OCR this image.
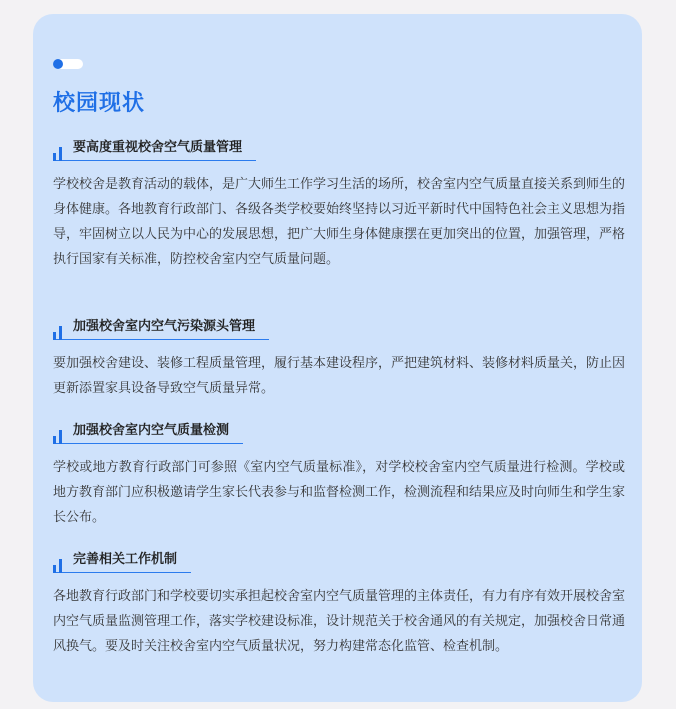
校园现状
要高度重视校舍空气质量管理

学校校舍是教育活动的载体，是广大师生工作学习生活的场所，校舍室内空气质量直接关系到师生的身体健康。各地教育行政部门、各级各类学校要始终坚持以习近平新时代中国特色社会主义思想为指导，牢固树立以人民为中心的发展思想，把广大师生身体健康摆在更加突出的位置，加强管理，严格执行国家有关标准，防控校舍室内空气质量问题。

加强校舍室内空气污染源头管理

要加强校舍建设、装修工程质量管理，履行基本建设程序，严把建筑材料、装修材料质量关，防止因更新添置家具设备导致空气质量异常。

加强校舍室内空气质量检测

学校或地方教育行政部门可参照《室内空气质量标准》，对学校校舍室内空气质量进行检测。学校或地方教育部门应积极邀请学生家长代表参与和监督检测工作，检测流程和结果应及时向师生和学生家长公布。

完善相关工作机制

各地教育行政部门和学校要切实承担起校舍室内空气质量管理的主体责任，有力有序有效开展校舍室内空气质量监测管理工作，落实学校建设标准，设计规范关于校舍通风的有关规定，加强校舍日常通风换气。要及时关注校舍室内空气质量状况，努力构建常态化监管、检查机制。
